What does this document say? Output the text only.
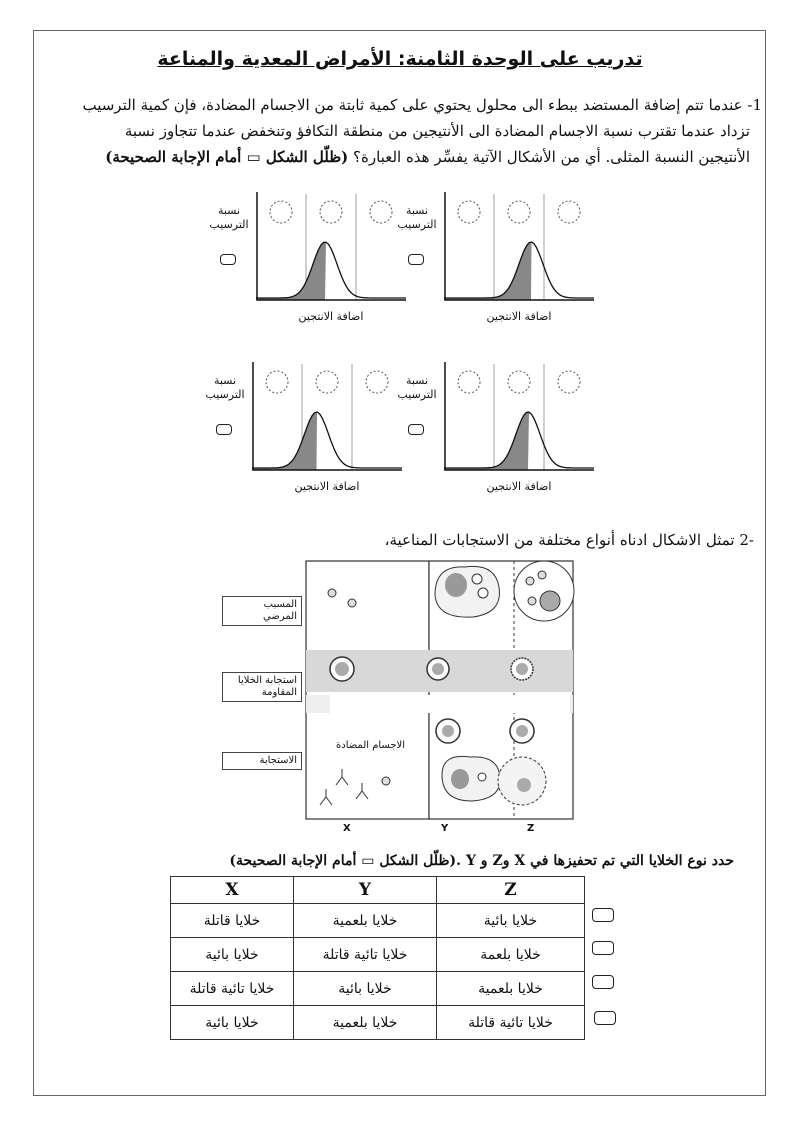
تدريب على الوحدة الثامنة: الأمراض المعدية والمناعة
1- عندما تتم إضافة المستضد ببطء الى محلول يحتوي على كمية ثابتة من الاجسام المضادة، فإن كمية الترسيب
تزداد عندما تقترب نسبة الاجسام المضادة الى الأنتيجين من منطقة التكافؤ وتنخفض عندما تتجاوز نسبة
الأنتيجين النسبة المثلى. أي من الأشكال الآتية يفسِّر هذه العبارة؟ (ظلّل الشكل ▭ أمام الإجابة الصحيحة)
نسبة
الترسيب
اضافة الانتجين
نسبة
الترسيب
اضافة الانتجين
نسبة
الترسيب
اضافة الانتجين
نسبة
الترسيب
اضافة الانتجين
-2 تمثل الاشكال ادناه أنواع مختلفة من الاستجابات المناعية،
المسبب المرضي
استجابة الخلايا المقاومة
الاستجابة
الاجسام المضادة
X	Y	Z
حدد نوع الخلايا التي تم تحفيزها في X وZ و Y .(ظلّل الشكل ▭ أمام الإجابة الصحيحة)
Z	Y	X
خلايا بائية	خلايا بلعمية	خلايا قاتلة
خلايا بلعمة	خلايا تائية قاتلة	خلايا بائية
خلايا بلعمية	خلايا بائية	خلايا تائية قاتلة
خلايا تائية قاتلة	خلايا بلعمية	خلايا بائية
